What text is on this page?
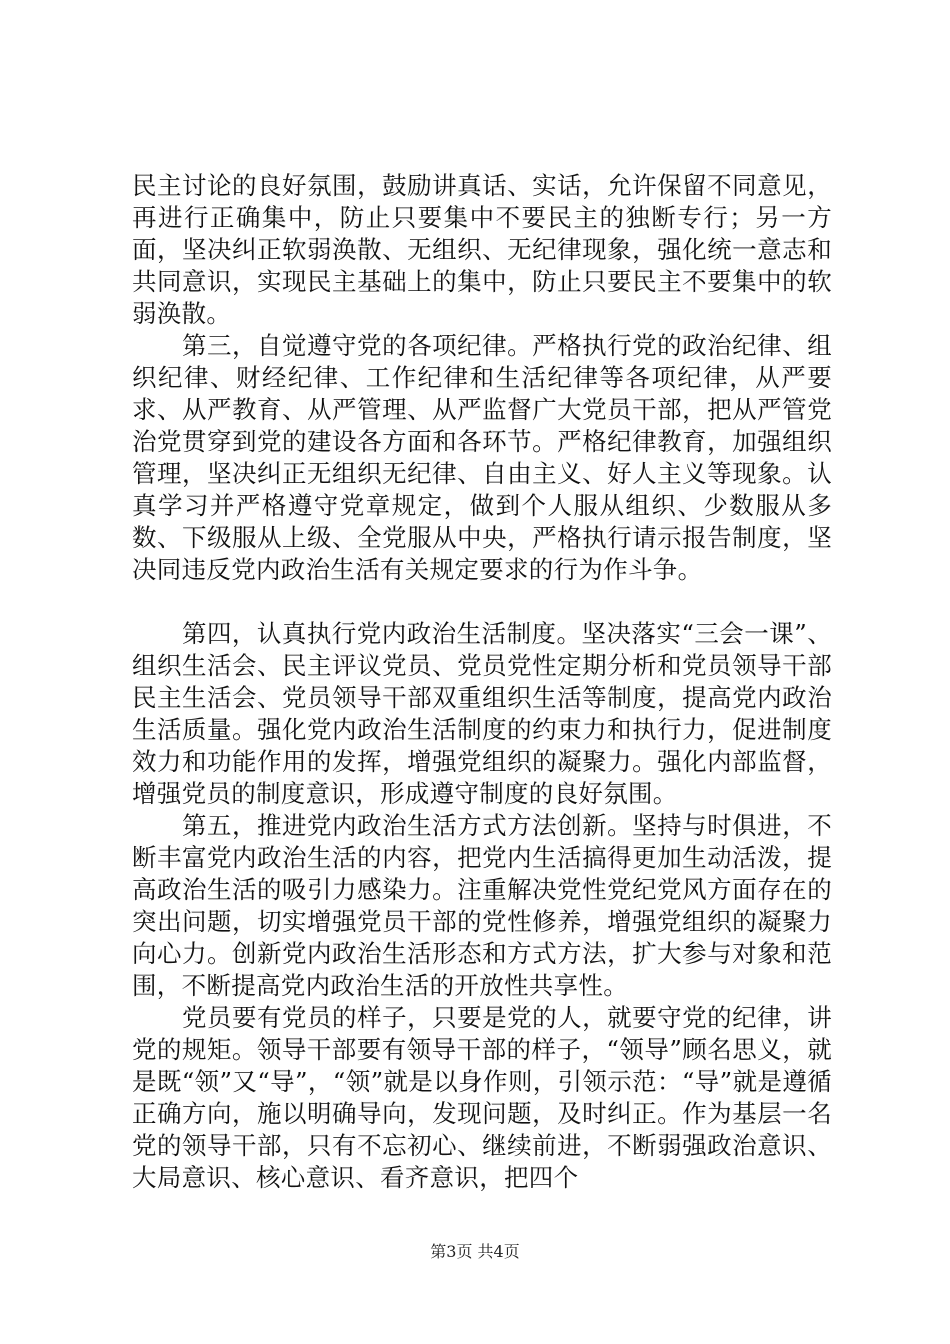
民主讨论的良好氛围，鼓励讲真话、实话，允许保留不同意见，再进行正确集中，防止只要集中不要民主的独断专行；另一方面，坚决纠正软弱涣散、无组织、无纪律现象，强化统一意志和共同意识，实现民主基础上的集中，防止只要民主不要集中的软弱涣散。

第三，自觉遵守党的各项纪律。严格执行党的政治纪律、组织纪律、财经纪律、工作纪律和生活纪律等各项纪律，从严要求、从严教育、从严管理、从严监督广大党员干部，把从严管党治党贯穿到党的建设各方面和各环节。严格纪律教育，加强组织管理，坚决纠正无组织无纪律、自由主义、好人主义等现象。认真学习并严格遵守党章规定，做到个人服从组织、少数服从多数、下级服从上级、全党服从中央，严格执行请示报告制度，坚决同违反党内政治生活有关规定要求的行为作斗争。

第四，认真执行党内政治生活制度。坚决落实“三会一课”、组织生活会、民主评议党员、党员党性定期分析和党员领导干部民主生活会、党员领导干部双重组织生活等制度，提高党内政治生活质量。强化党内政治生活制度的约束力和执行力，促进制度效力和功能作用的发挥，增强党组织的凝聚力。强化内部监督，增强党员的制度意识，形成遵守制度的良好氛围。

第五，推进党内政治生活方式方法创新。坚持与时俱进，不断丰富党内政治生活的内容，把党内生活搞得更加生动活泼，提高政治生活的吸引力感染力。注重解决党性党纪党风方面存在的突出问题，切实增强党员干部的党性修养，增强党组织的凝聚力向心力。创新党内政治生活形态和方式方法，扩大参与对象和范围，不断提高党内政治生活的开放性共享性。

党员要有党员的样子，只要是党的人，就要守党的纪律，讲党的规矩。领导干部要有领导干部的样子，“领导”顾名思义，就是既“领”又“导”，“领”就是以身作则，引领示范：“导”就是遵循正确方向，施以明确导向，发现问题，及时纠正。作为基层一名党的领导干部，只有不忘初心、继续前进，不断弱强政治意识、大局意识、核心意识、看齐意识，把四个

第3页 共4页
